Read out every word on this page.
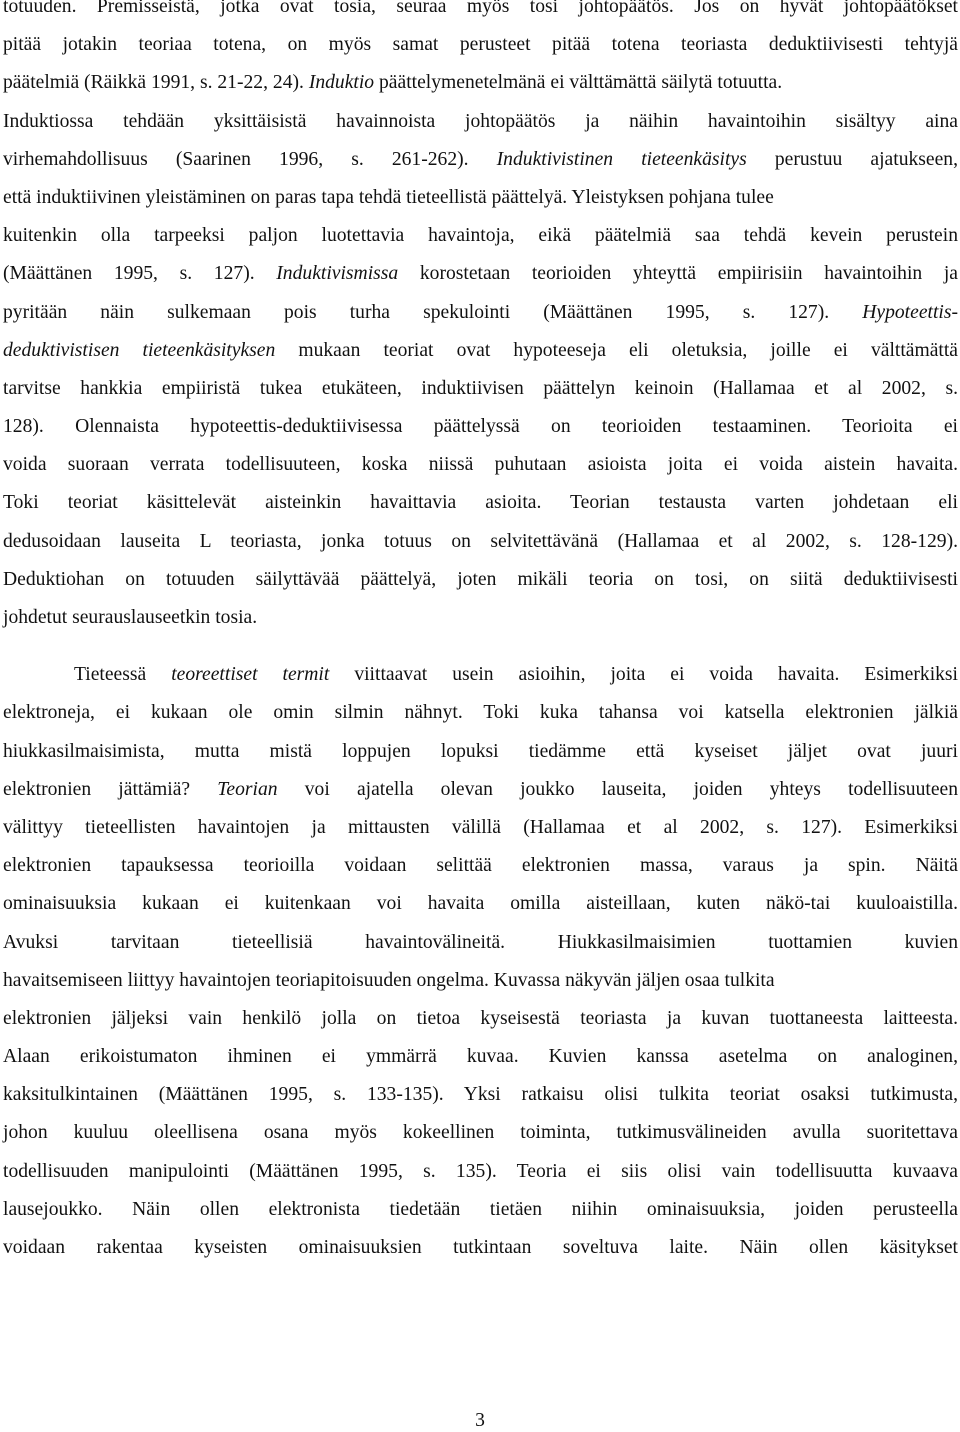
totuuden. Premisseistä, jotka ovat tosia, seuraa myös tosi johtopäätös. Jos on hyvät johtopäätökset
pitää jotakin teoriaa totena, on myös samat perusteet pitää totena teoriasta deduktiivisesti tehtyjä
päätelmiä (Räikkä 1991, s. 21-22, 24). Induktio päättelymenetelmänä ei välttämättä säilytä totuutta.
Induktiossa tehdään yksittäisistä havainnoista johtopäätös ja näihin havaintoihin sisältyy aina
virhemahdollisuus (Saarinen 1996, s. 261-262). Induktivistinen tieteenkäsitys perustuu ajatukseen,
että induktiivinen yleistäminen on paras tapa tehdä tieteellistä päättelyä. Yleistyksen pohjana tulee
kuitenkin olla tarpeeksi paljon luotettavia havaintoja, eikä päätelmiä saa tehdä kevein perustein
(Määttänen 1995, s. 127). Induktivismissa korostetaan teorioiden yhteyttä empiirisiin havaintoihin ja
pyritään näin sulkemaan pois turha spekulointi (Määttänen 1995, s. 127). Hypoteettis-
deduktivistisen tieteenkäsityksen mukaan teoriat ovat hypoteeseja eli oletuksia, joille ei välttämättä
tarvitse hankkia empiiristä tukea etukäteen, induktiivisen päättelyn keinoin (Hallamaa et al 2002, s.
128). Olennaista hypoteettis-deduktiivisessa päättelyssä on teorioiden testaaminen. Teorioita ei
voida suoraan verrata todellisuuteen, koska niissä puhutaan asioista joita ei voida aistein havaita.
Toki teoriat käsittelevät aisteinkin havaittavia asioita. Teorian testausta varten johdetaan eli
dedusoidaan lauseita L teoriasta, jonka totuus on selvitettävänä (Hallamaa et al 2002, s. 128-129).
Deduktiohan on totuuden säilyttävää päättelyä, joten mikäli teoria on tosi, on siitä deduktiivisesti
johdetut seurauslauseetkin tosia.
Tieteessä teoreettiset termit viittaavat usein asioihin, joita ei voida havaita. Esimerkiksi
elektroneja, ei kukaan ole omin silmin nähnyt. Toki kuka tahansa voi katsella elektronien jälkiä
hiukkasilmaisimista, mutta mistä loppujen lopuksi tiedämme että kyseiset jäljet ovat juuri
elektronien jättämiä? Teorian voi ajatella olevan joukko lauseita, joiden yhteys todellisuuteen
välittyy tieteellisten havaintojen ja mittausten välillä (Hallamaa et al 2002, s. 127). Esimerkiksi
elektronien tapauksessa teorioilla voidaan selittää elektronien massa, varaus ja spin. Näitä
ominaisuuksia kukaan ei kuitenkaan voi havaita omilla aisteillaan, kuten näkö-tai kuuloaistilla.
Avuksi tarvitaan tieteellisiä havaintovälineitä. Hiukkasilmaisimien tuottamien kuvien
havaitsemiseen liittyy havaintojen teoriapitoisuuden ongelma. Kuvassa näkyvän jäljen osaa tulkita
elektronien jäljeksi vain henkilö jolla on tietoa kyseisestä teoriasta ja kuvan tuottaneesta laitteesta.
Alaan erikoistumaton ihminen ei ymmärrä kuvaa. Kuvien kanssa asetelma on analoginen,
kaksitulkintainen (Määttänen 1995, s. 133-135). Yksi ratkaisu olisi tulkita teoriat osaksi tutkimusta,
johon kuuluu oleellisena osana myös kokeellinen toiminta, tutkimusvälineiden avulla suoritettava
todellisuuden manipulointi (Määttänen 1995, s. 135). Teoria ei siis olisi vain todellisuutta kuvaava
lausejoukko. Näin ollen elektronista tiedetään tietäen niihin ominaisuuksia, joiden perusteella
voidaan rakentaa kyseisten ominaisuuksien tutkintaan soveltuva laite. Näin ollen käsitykset
3
